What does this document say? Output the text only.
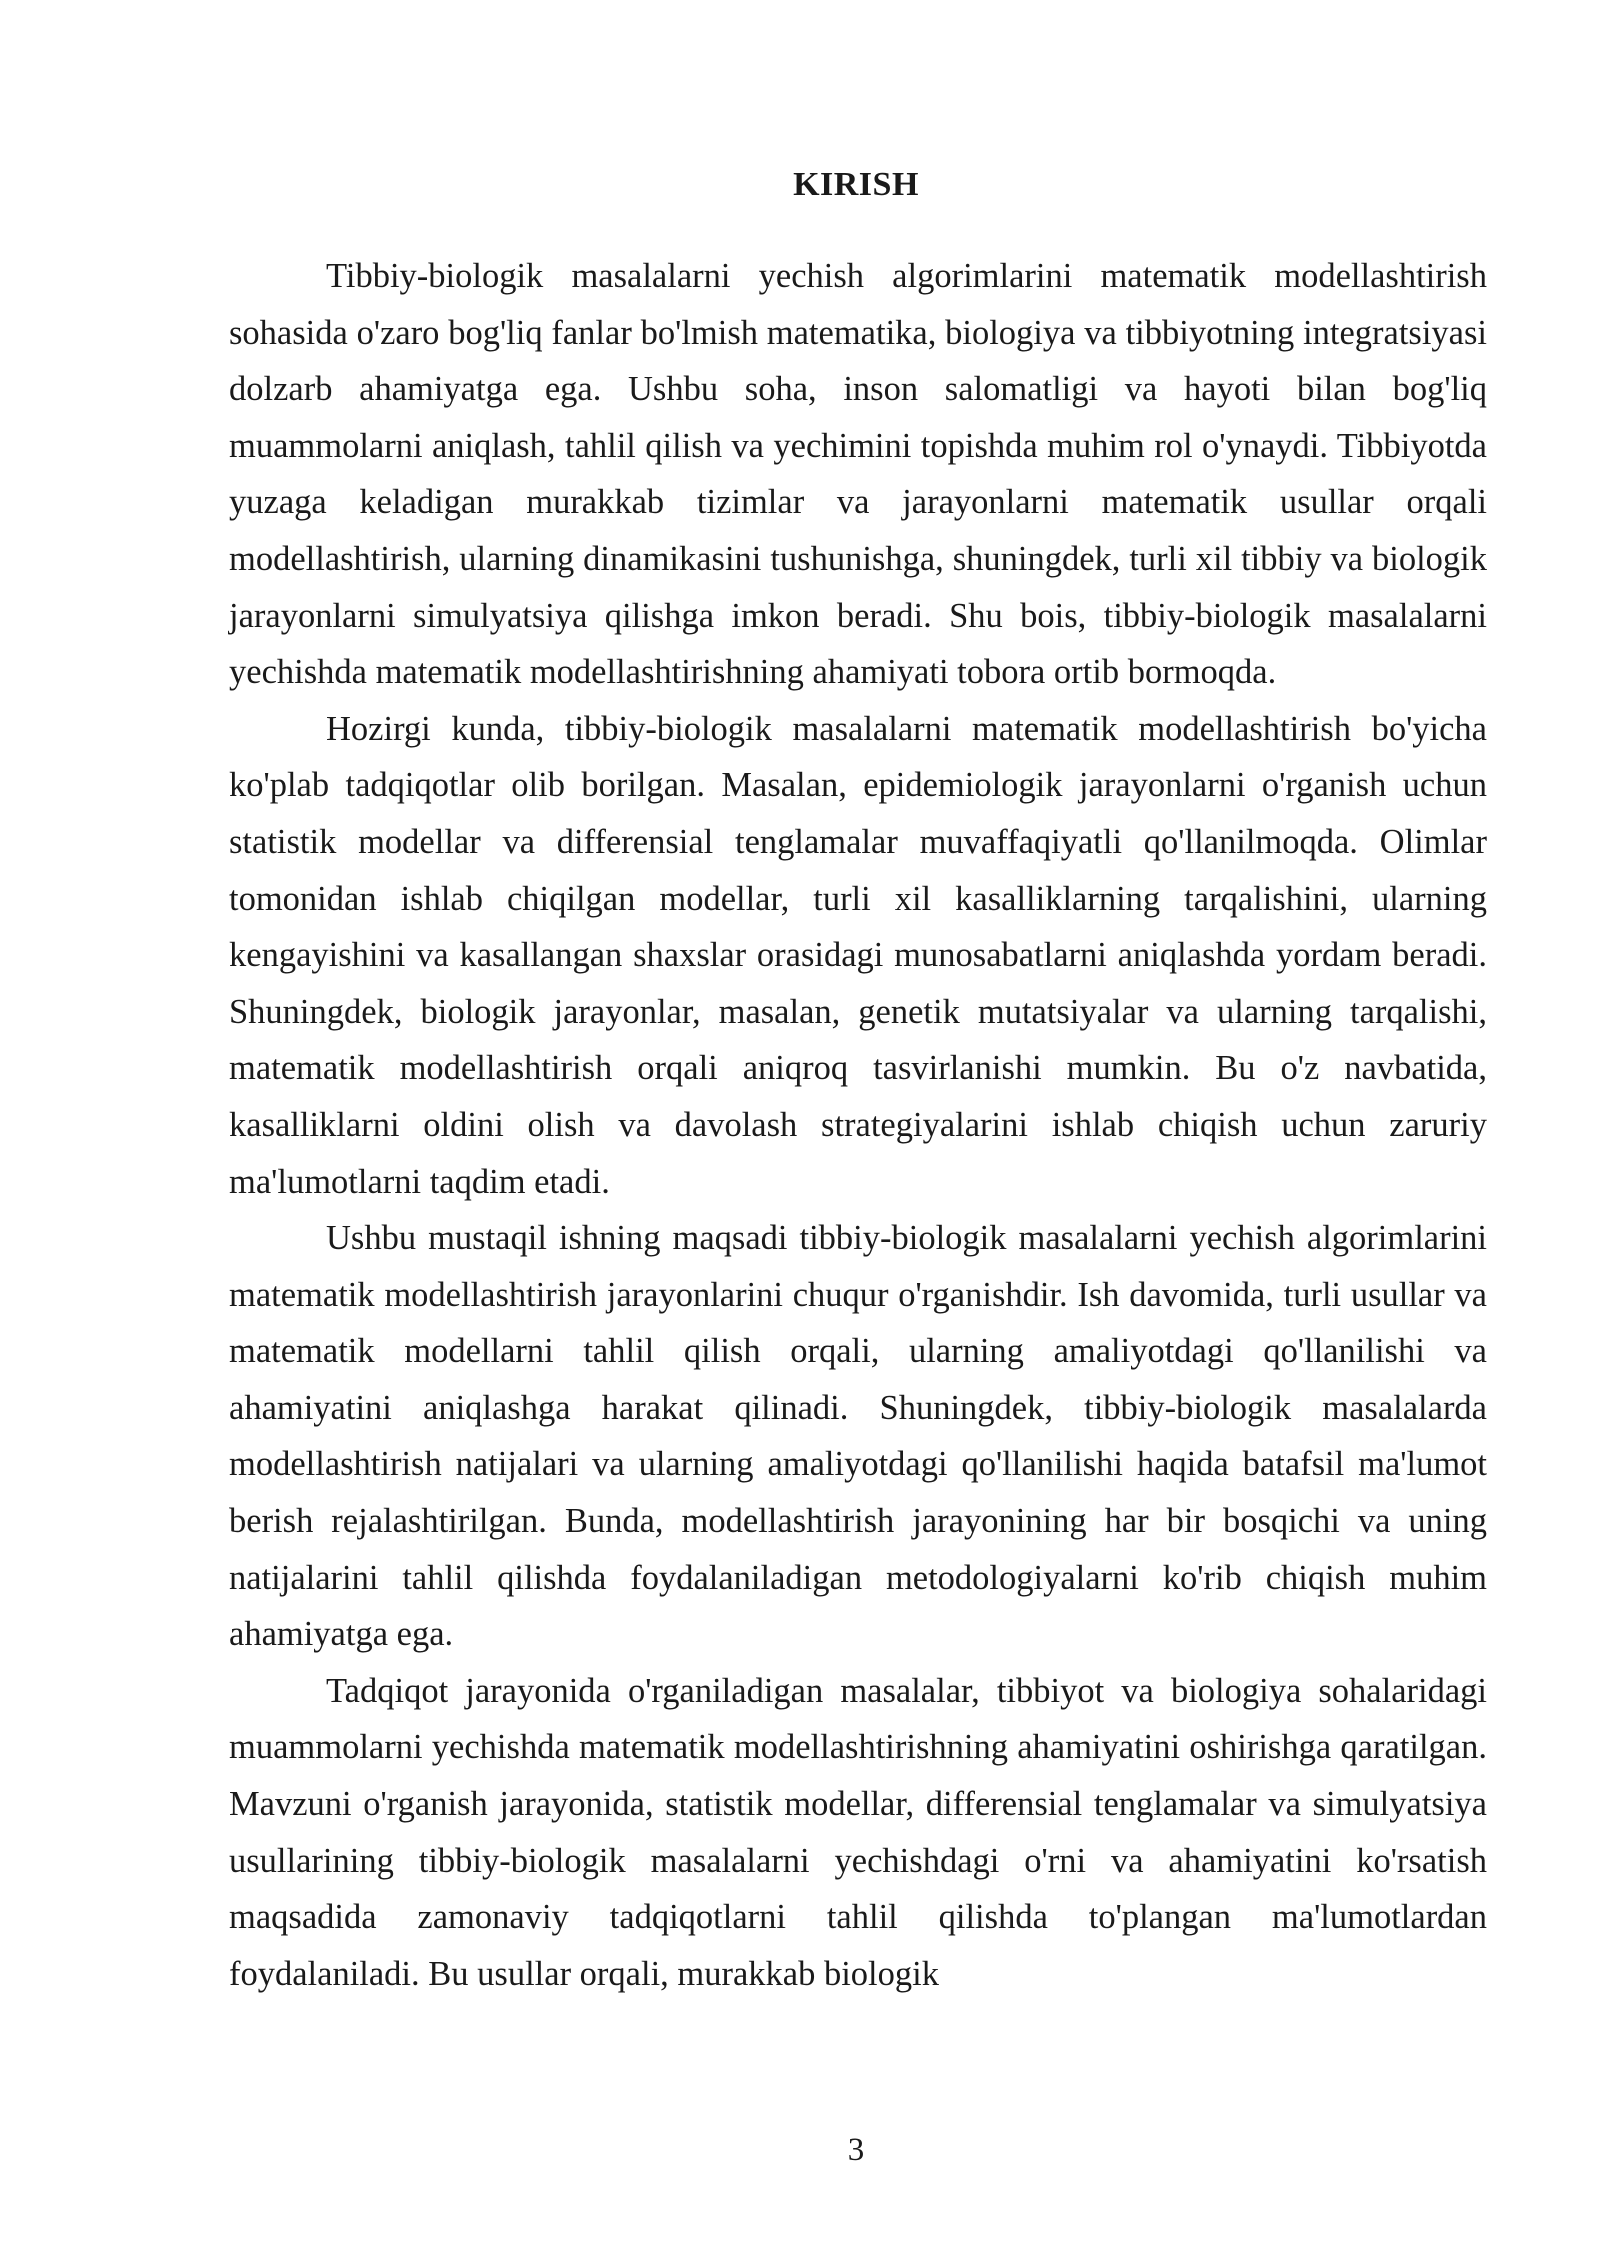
KIRISH

Tibbiy-biologik masalalarni yechish algorimlarini matematik modellashtirish sohasida o'zaro bog'liq fanlar bo'lmish matematika, biologiya va tibbiyotning integratsiyasi dolzarb ahamiyatga ega. Ushbu soha, inson salomatligi va hayoti bilan bog'liq muammolarni aniqlash, tahlil qilish va yechimini topishda muhim rol o'ynaydi. Tibbiyotda yuzaga keladigan murakkab tizimlar va jarayonlarni matematik usullar orqali modellashtirish, ularning dinamikasini tushunishga, shuningdek, turli xil tibbiy va biologik jarayonlarni simulyatsiya qilishga imkon beradi. Shu bois, tibbiy-biologik masalalarni yechishda matematik modellashtirishning ahamiyati tobora ortib bormoqda.

Hozirgi kunda, tibbiy-biologik masalalarni matematik modellashtirish bo'yicha ko'plab tadqiqotlar olib borilgan. Masalan, epidemiologik jarayonlarni o'rganish uchun statistik modellar va differensial tenglamalar muvaffaqiyatli qo'llanilmoqda. Olimlar tomonidan ishlab chiqilgan modellar, turli xil kasalliklarning tarqalishini, ularning kengayishini va kasallangan shaxslar orasidagi munosabatlarni aniqlashda yordam beradi. Shuningdek, biologik jarayonlar, masalan, genetik mutatsiyalar va ularning tarqalishi, matematik modellashtirish orqali aniqroq tasvirlanishi mumkin. Bu o'z navbatida, kasalliklarni oldini olish va davolash strategiyalarini ishlab chiqish uchun zaruriy ma'lumotlarni taqdim etadi.

Ushbu mustaqil ishning maqsadi tibbiy-biologik masalalarni yechish algorimlarini matematik modellashtirish jarayonlarini chuqur o'rganishdir. Ish davomida, turli usullar va matematik modellarni tahlil qilish orqali, ularning amaliyotdagi qo'llanilishi va ahamiyatini aniqlashga harakat qilinadi. Shuningdek, tibbiy-biologik masalalarda modellashtirish natijalari va ularning amaliyotdagi qo'llanilishi haqida batafsil ma'lumot berish rejalashtirilgan. Bunda, modellashtirish jarayonining har bir bosqichi va uning natijalarini tahlil qilishda foydalaniladigan metodologiyalarni ko'rib chiqish muhim ahamiyatga ega.

Tadqiqot jarayonida o'rganiladigan masalalar, tibbiyot va biologiya sohalaridagi muammolarni yechishda matematik modellashtirishning ahamiyatini oshirishga qaratilgan. Mavzuni o'rganish jarayonida, statistik modellar, differensial tenglamalar va simulyatsiya usullarining tibbiy-biologik masalalarni yechishdagi o'rni va ahamiyatini ko'rsatish maqsadida zamonaviy tadqiqotlarni tahlil qilishda to'plangan ma'lumotlardan foydalaniladi. Bu usullar orqali, murakkab biologik

3
